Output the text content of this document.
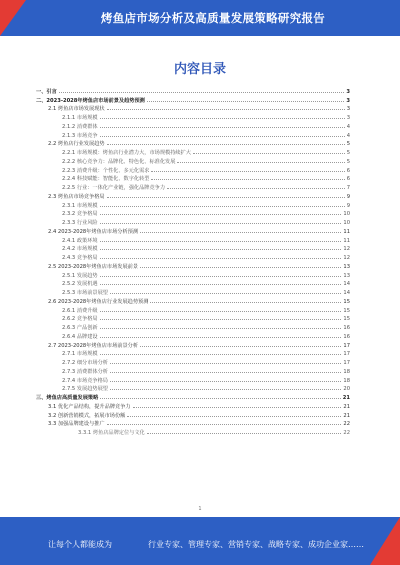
烤鱼店市场分析及高质量发展策略研究报告
内容目录
一、引言	3
二、2023-2028年烤鱼店市场前景及趋势预测	3
2.1 烤鱼店市场发展现状	3
2.1.1 市场规模	3
2.1.2 消费群体	4
2.1.3 市场竞争	4
2.2 烤鱼店行业发展趋势	5
2.2.1 市场规模：烤鱼店行业潜力大，市场规模持续扩大	5
2.2.2 核心竞争力：品牌化、特色化、标准化发展	5
2.2.3 消费升级：个性化、多元化需求	6
2.2.4 科技赋能：智能化、数字化转型	6
2.2.5 行业：一体化产业链，强化品牌竞争力	7
2.3 烤鱼店市场竞争格局	9
2.3.1 市场规模	9
2.3.2 竞争格局	10
2.3.3 行业风险	10
2.4 2023-2028年烤鱼店市场分析预测	11
2.4.1 政策环境	11
2.4.2 市场规模	12
2.4.3 竞争格局	12
2.5 2023-2028年烤鱼店市场发展前景	13
2.5.1 发展趋势	13
2.5.2 发展机遇	14
2.5.3 市场前景展望	14
2.6 2023-2028年烤鱼店行业发展趋势预测	15
2.6.1 消费升级	15
2.6.2 竞争格局	15
2.6.3 产品创新	16
2.6.4 品牌建设	16
2.7 2023-2028年烤鱼店市场前景分析	17
2.7.1 市场规模	17
2.7.2 细分市场分析	17
2.7.3 消费群体分析	18
2.7.4 市场竞争格局	18
2.7.5 发展趋势展望	20
三、烤鱼店高质量发展策略	21
3.1 优化产品结构，提升品牌竞争力	21
3.2 创新营销模式，拓展市场份额	21
3.3 加强品牌建设与推广	22
3.3.1 烤鱼店品牌定位与文化	22
1
让每个人都能成为	行业专家、管理专家、营销专家、战略专家、成功企业家……
